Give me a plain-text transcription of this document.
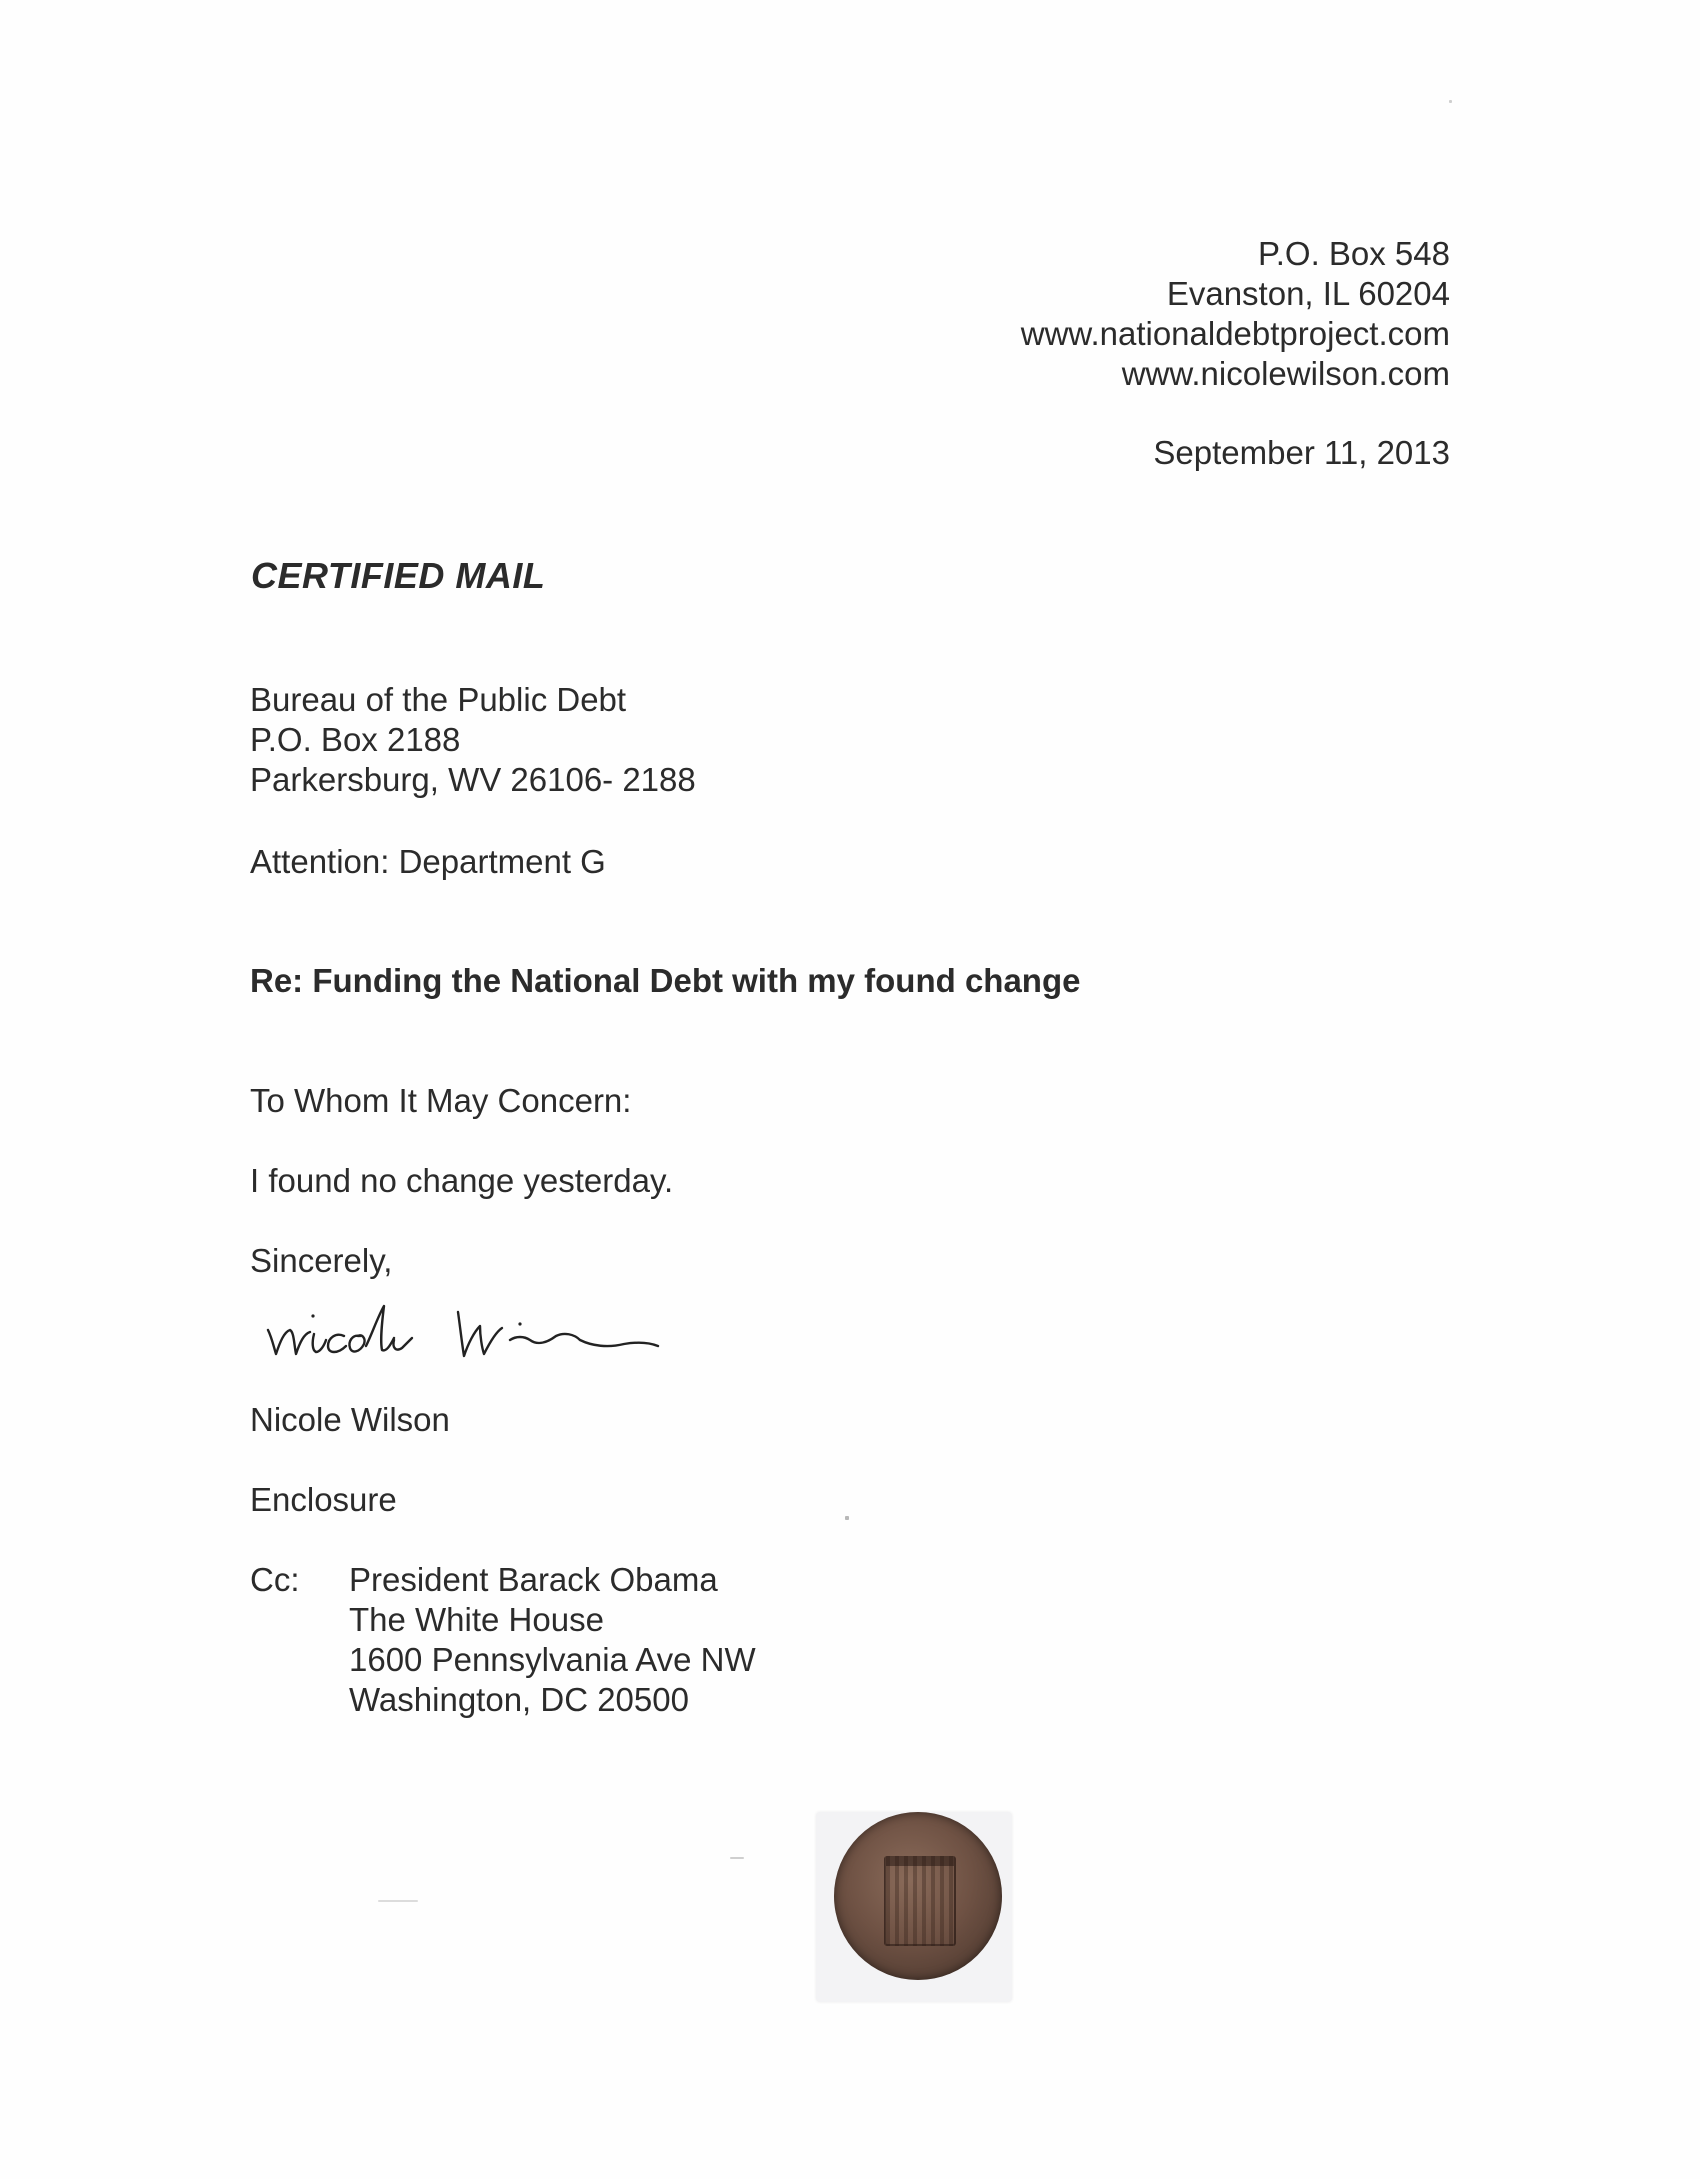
P.O. Box 548
Evanston, IL 60204
www.nationaldebtproject.com
www.nicolewilson.com
September 11, 2013
CERTIFIED MAIL
Bureau of the Public Debt
P.O. Box 2188
Parkersburg, WV 26106- 2188
Attention: Department G
Re: Funding the National Debt with my found change
To Whom It May Concern:
I found no change yesterday.
Sincerely,
Nicole Wilson
Nicole Wilson
Enclosure
Cc: President Barack Obama
The White House
1600 Pennsylvania Ave NW
Washington, DC 20500
